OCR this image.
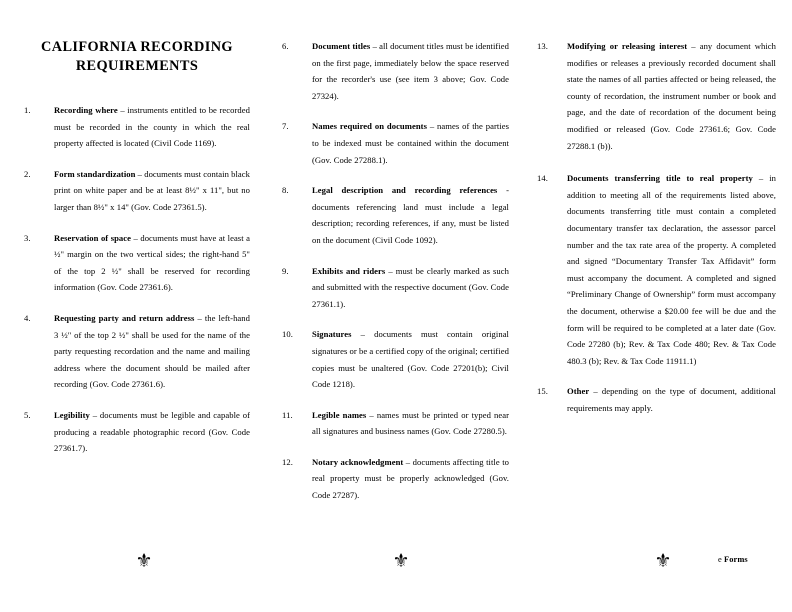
CALIFORNIA RECORDING
REQUIREMENTS
1.	Recording where – instruments entitled to be recorded must be recorded in the county in which the real property affected is located (Civil Code 1169).
2.	Form standardization – documents must contain black print on white paper and be at least 8½" x 11", but no larger than 8½" x 14" (Gov. Code 27361.5).
3.	Reservation of space – documents must have at least a ½" margin on the two vertical sides; the right-hand 5" of the top 2 ½" shall be reserved for recording information (Gov. Code 27361.6).
4.	Requesting party and return address – the left-hand 3 ½" of the top 2 ½" shall be used for the name of the party requesting recordation and the name and mailing address where the document should be mailed after recording (Gov. Code 27361.6).
5.	Legibility – documents must be legible and capable of producing a readable photographic record (Gov. Code 27361.7).
6.	Document titles – all document titles must be identified on the first page, immediately below the space reserved for the recorder's use (see item 3 above; Gov. Code 27324).
7.	Names required on documents – names of the parties to be indexed must be contained within the document (Gov. Code 27288.1).
8.	Legal description and recording references - documents referencing land must include a legal description; recording references, if any, must be listed on the document (Civil Code 1092).
9.	Exhibits and riders – must be clearly marked as such and submitted with the respective document (Gov. Code 27361.1).
10.	Signatures – documents must contain original signatures or be a certified copy of the original; certified copies must be unaltered (Gov. Code 27201(b); Civil Code 1218).
11.	Legible names – names must be printed or typed near all signatures and business names (Gov. Code 27280.5).
12.	Notary acknowledgment – documents affecting title to real property must be properly acknowledged (Gov. Code 27287).
13.	Modifying or releasing interest – any document which modifies or releases a previously recorded document shall state the names of all parties affected or being released, the county of recordation, the instrument number or book and page, and the date of recordation of the document being modified or released (Gov. Code 27361.6; Gov. Code 27288.1 (b)).
14.	Documents transferring title to real property – in addition to meeting all of the requirements listed above, documents transferring title must contain a completed documentary transfer tax declaration, the assessor parcel number and the tax rate area of the property. A completed and signed “Documentary Transfer Tax Affidavit” form must accompany the document. A completed and signed “Preliminary Change of Ownership” form must accompany the document, otherwise a $20.00 fee will be due and the form will be required to be completed at a later date (Gov. Code 27280 (b); Rev. & Tax Code 480; Rev. & Tax Code 480.3 (b); Rev. & Tax Code 11911.1)
15.	Other – depending on the type of document, additional requirements may apply.
⚜	⚜	⚜	e Forms
